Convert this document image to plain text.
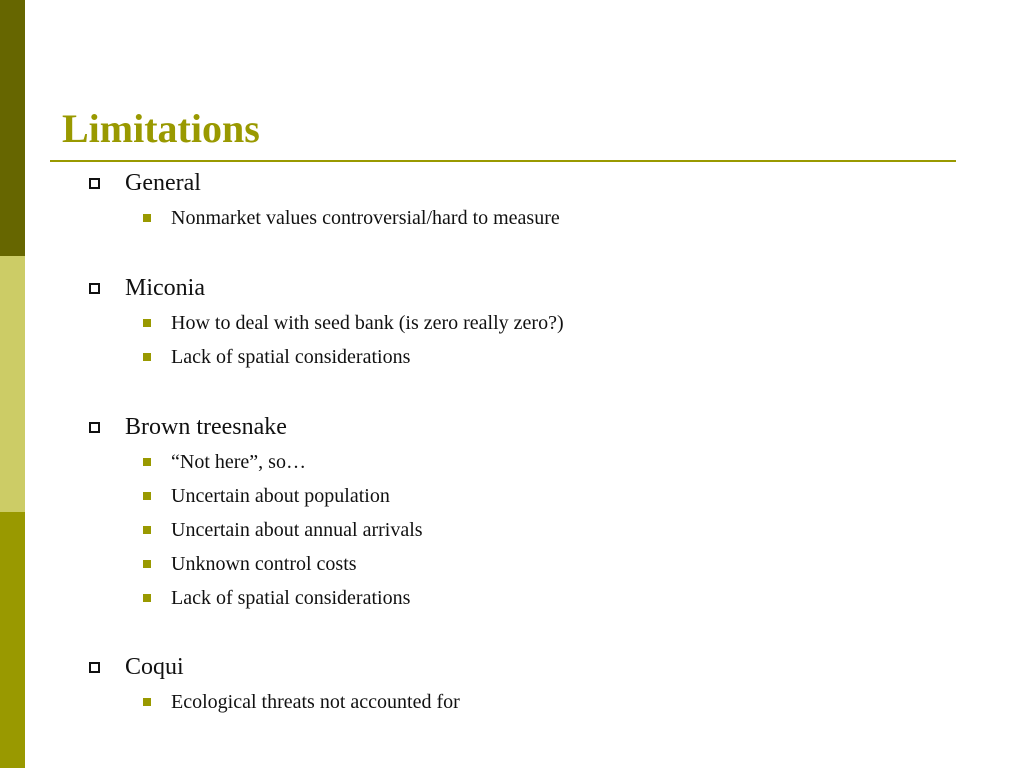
Limitations
General
Nonmarket values controversial/hard to measure
Miconia
How to deal with seed bank (is zero really zero?)
Lack of spatial considerations
Brown treesnake
“Not here”, so…
Uncertain about population
Uncertain about annual arrivals
Unknown control costs
Lack of spatial considerations
Coqui
Ecological threats not accounted for
